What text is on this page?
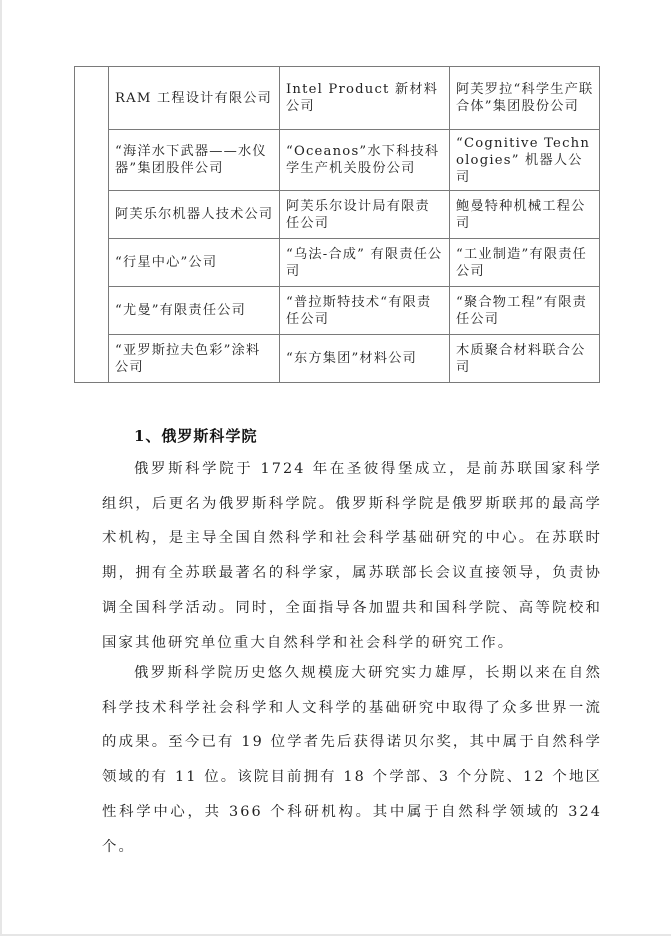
	RAM 工程设计有限公司	Intel Product 新材料公司	阿芙罗拉“科学生产联合体”集团股份公司
	“海洋水下武器——水仪器”集团股伴公司	“Oceanos”水下科技科学生产机关股份公司	“Cognitive Technologies” 机器人公司
	阿芙乐尔机器人技术公司	阿芙乐尔设计局有限责任公司	鲍曼特种机械工程公司
	“行星中心”公司	“乌法-合成” 有限责任公司	“工业制造”有限责任公司
	“尤曼”有限责任公司	“普拉斯特技术“有限责任公司	“聚合物工程”有限责任公司
	“亚罗斯拉夫色彩”涂料公司	“东方集团”材料公司	木质聚合材料联合公司
1、俄罗斯科学院

俄罗斯科学院于 1724 年在圣彼得堡成立，是前苏联国家科学组织，后更名为俄罗斯科学院。俄罗斯科学院是俄罗斯联邦的最高学术机构，是主导全国自然科学和社会科学基础研究的中心。在苏联时期，拥有全苏联最著名的科学家，属苏联部长会议直接领导，负责协调全国科学活动。同时，全面指导各加盟共和国科学院、高等院校和国家其他研究单位重大自然科学和社会科学的研究工作。

俄罗斯科学院历史悠久规模庞大研究实力雄厚，长期以来在自然科学技术科学社会科学和人文科学的基础研究中取得了众多世界一流的成果。至今已有 19 位学者先后获得诺贝尔奖，其中属于自然科学领域的有 11 位。该院目前拥有 18 个学部、3 个分院、12 个地区性科学中心，共 366 个科研机构。其中属于自然科学领域的 324 个。
